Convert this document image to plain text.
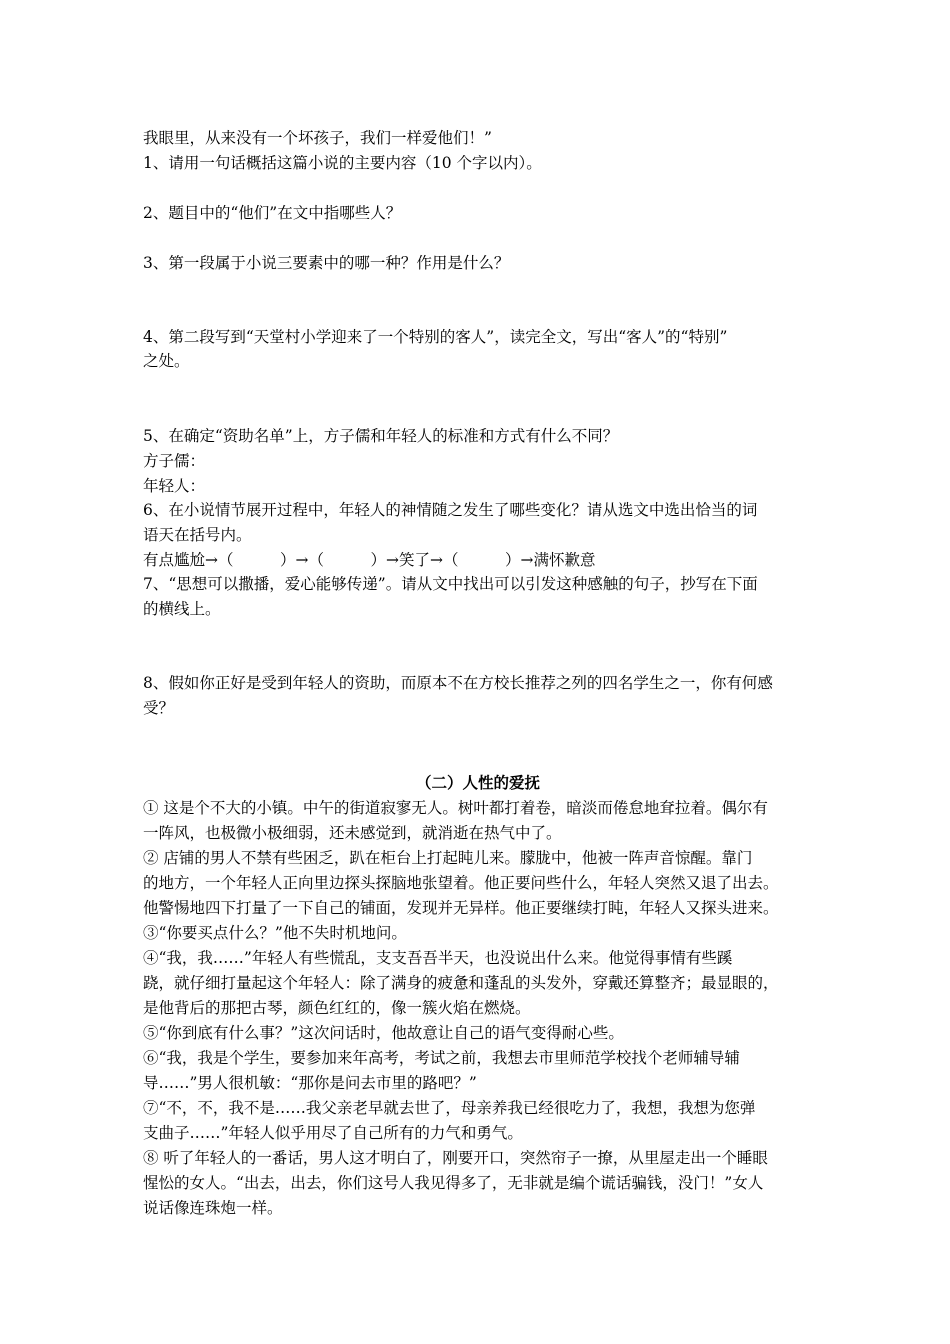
我眼里，从来没有一个坏孩子，我们一样爱他们！”

1、请用一句话概括这篇小说的主要内容（10 个字以内）。

2、题目中的“他们”在文中指哪些人？

3、第一段属于小说三要素中的哪一种？作用是什么？

4、第二段写到“天堂村小学迎来了一个特别的客人”，读完全文，写出“客人”的“特别”

之处。

5、在确定“资助名单”上，方子儒和年轻人的标准和方式有什么不同？

方子儒：

年轻人：

6、在小说情节展开过程中，年轻人的神情随之发生了哪些变化？请从选文中选出恰当的词

语天在括号内。

有点尴尬→（　　　）→（　　　）→笑了→（　　　）→满怀歉意

7、“思想可以撒播，爱心能够传递”。请从文中找出可以引发这种感触的句子，抄写在下面

的横线上。

8、假如你正好是受到年轻人的资助，而原本不在方校长推荐之列的四名学生之一，你有何感

受？

（二）人性的爱抚

① 这是个不大的小镇。中午的街道寂寥无人。树叶都打着卷，暗淡而倦怠地耷拉着。偶尔有

一阵风，也极微小极细弱，还未感觉到，就消逝在热气中了。

② 店铺的男人不禁有些困乏，趴在柜台上打起盹儿来。朦胧中，他被一阵声音惊醒。靠门

的地方，一个年轻人正向里边探头探脑地张望着。他正要问些什么，年轻人突然又退了出去。

他警惕地四下打量了一下自己的铺面，发现并无异样。他正要继续打盹，年轻人又探头进来。

③“你要买点什么？”他不失时机地问。

④“我，我……”年轻人有些慌乱，支支吾吾半天，也没说出什么来。他觉得事情有些蹊

跷，就仔细打量起这个年轻人：除了满身的疲惫和蓬乱的头发外，穿戴还算整齐；最显眼的，

是他背后的那把古琴，颜色红红的，像一簇火焰在燃烧。

⑤“你到底有什么事？”这次问话时，他故意让自己的语气变得耐心些。

⑥“我，我是个学生，要参加来年高考，考试之前，我想去市里师范学校找个老师辅导辅

导……”男人很机敏：“那你是问去市里的路吧？”

⑦“不，不，我不是……我父亲老早就去世了，母亲养我已经很吃力了，我想，我想为您弹

支曲子……”年轻人似乎用尽了自己所有的力气和勇气。

⑧ 听了年轻人的一番话，男人这才明白了，刚要开口，突然帘子一撩，从里屋走出一个睡眼

惺忪的女人。“出去，出去，你们这号人我见得多了，无非就是编个谎话骗钱，没门！”女人

说话像连珠炮一样。
